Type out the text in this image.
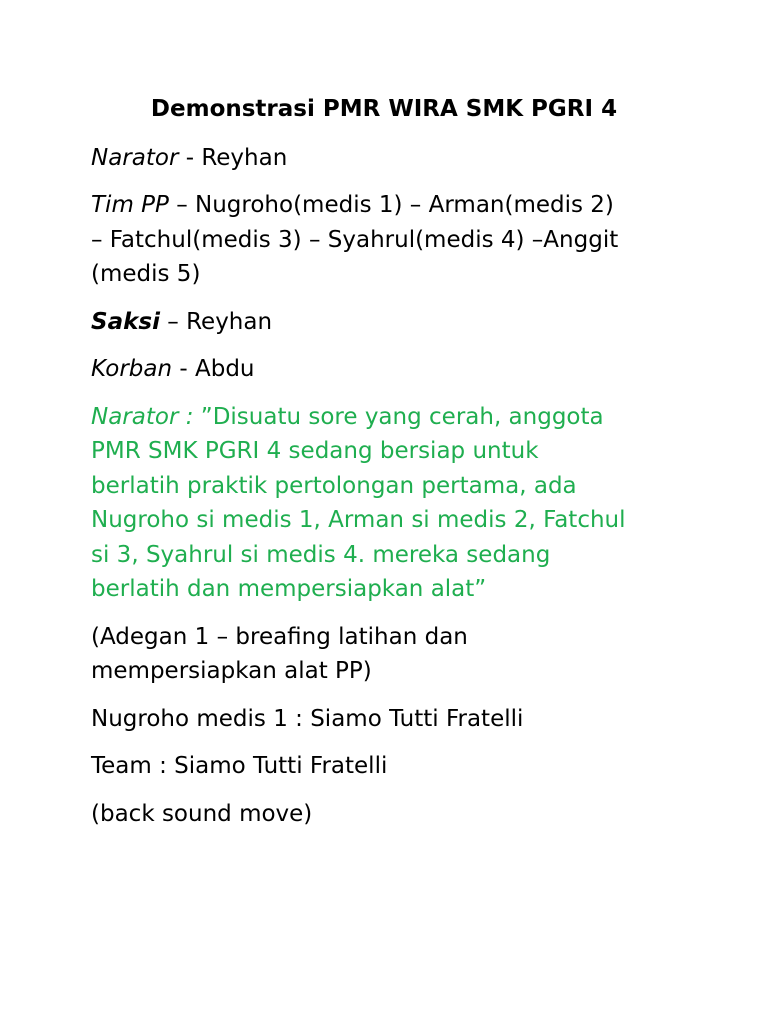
Demonstrasi PMR WIRA SMK PGRI 4
Narator - Reyhan
Tim PP – Nugroho(medis 1) – Arman(medis 2)
– Fatchul(medis 3) – Syahrul(medis 4) –Anggit
(medis 5)
Saksi – Reyhan
Korban - Abdu
Narator : ”Disuatu sore yang cerah, anggota
PMR SMK PGRI 4 sedang bersiap untuk
berlatih praktik pertolongan pertama, ada
Nugroho si medis 1, Arman si medis 2, Fatchul
si 3, Syahrul si medis 4. mereka sedang
berlatih dan mempersiapkan alat”
(Adegan 1 – breafing latihan dan
mempersiapkan alat PP)
Nugroho medis 1 : Siamo Tutti Fratelli
Team : Siamo Tutti Fratelli
(back sound move)
